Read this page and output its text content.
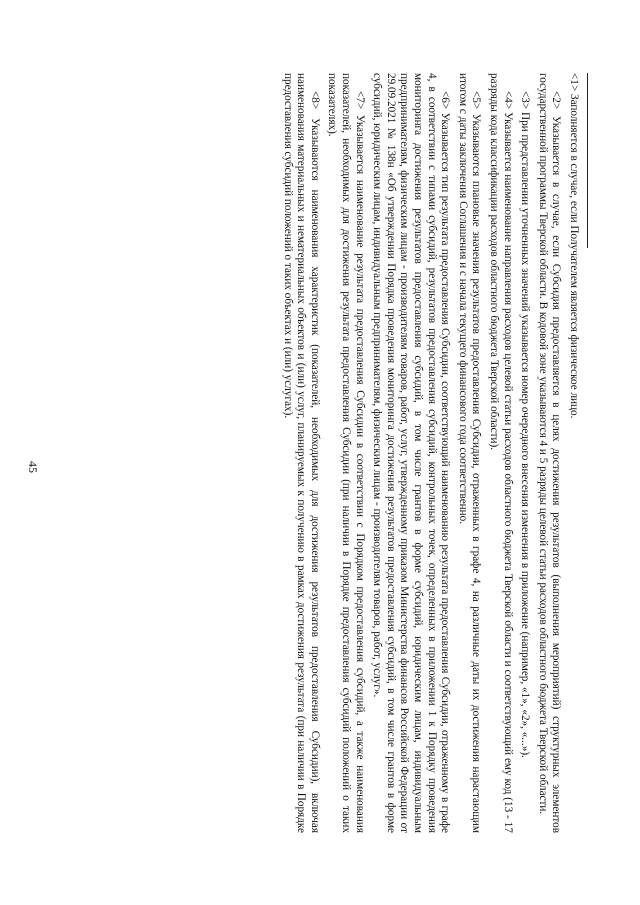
45

<1> Заполняется в случае, если Получателем является физическое лицо.

<2> Указывается в случае, если Субсидия предоставляется в целях достижения результатов (выполнения мероприятий) структурных элементов государственной программы Тверской области. В кодовой зоне указываются 4 и 5 разряды целевой статьи расходов областного бюджета Тверской области.

<3> При представлении уточненных значений указывается номер очередного внесения изменения в приложение (например, «1», «2», «...»).

<4> Указывается наименование направления расходов целевой статьи расходов областного бюджета Тверской области и соответствующий ему код (13 - 17 разряды кода классификации расходов областного бюджета Тверской области).

<5> Указываются плановые значения результатов предоставления Субсидии, отраженных в графе 4, на различные даты их достижения нарастающим итогом с даты заключения Соглашения и с начала текущего финансового года соответственно.

<6> Указывается тип результата предоставления Субсидии, соответствующий наименованию результата предоставления Субсидии, отраженному в графе 4, в соответствии с типами субсидий, результатов предоставления субсидий, контрольных точек, определенных в приложении 1 к Порядку проведения мониторинга достижения результатов предоставления субсидий, в том числе грантов в форме субсидий, юридическим лицам, индивидуальным предпринимателям, физическим лицам - производителям товаров, работ, услуг, утвержденному приказом Министерства финансов Российской Федерации от 29.09.2021 № 138н «Об утверждении Порядка проведения мониторинга достижения результатов предоставления субсидий, в том числе грантов в форме субсидий, юридическим лицам, индивидуальным предпринимателям, физическим лицам - производителям товаров, работ, услуг».

<7> Указывается наименование результата предоставления Субсидии в соответствии с Порядком предоставления субсидий, а также наименования показателей, необходимых для достижения результата предоставления Субсидии (при наличии в Порядке предоставления субсидий положений о таких показателях).

<8> Указываются наименования характеристик (показателей, необходимых для достижения результатов предоставления Субсидии), включая наименования материальных и нематериальных объектов и (или) услуг, планируемых к получению в рамках достижения результата (при наличии в Порядке предоставления субсидий положений о таких объектах и (или) услугах).
